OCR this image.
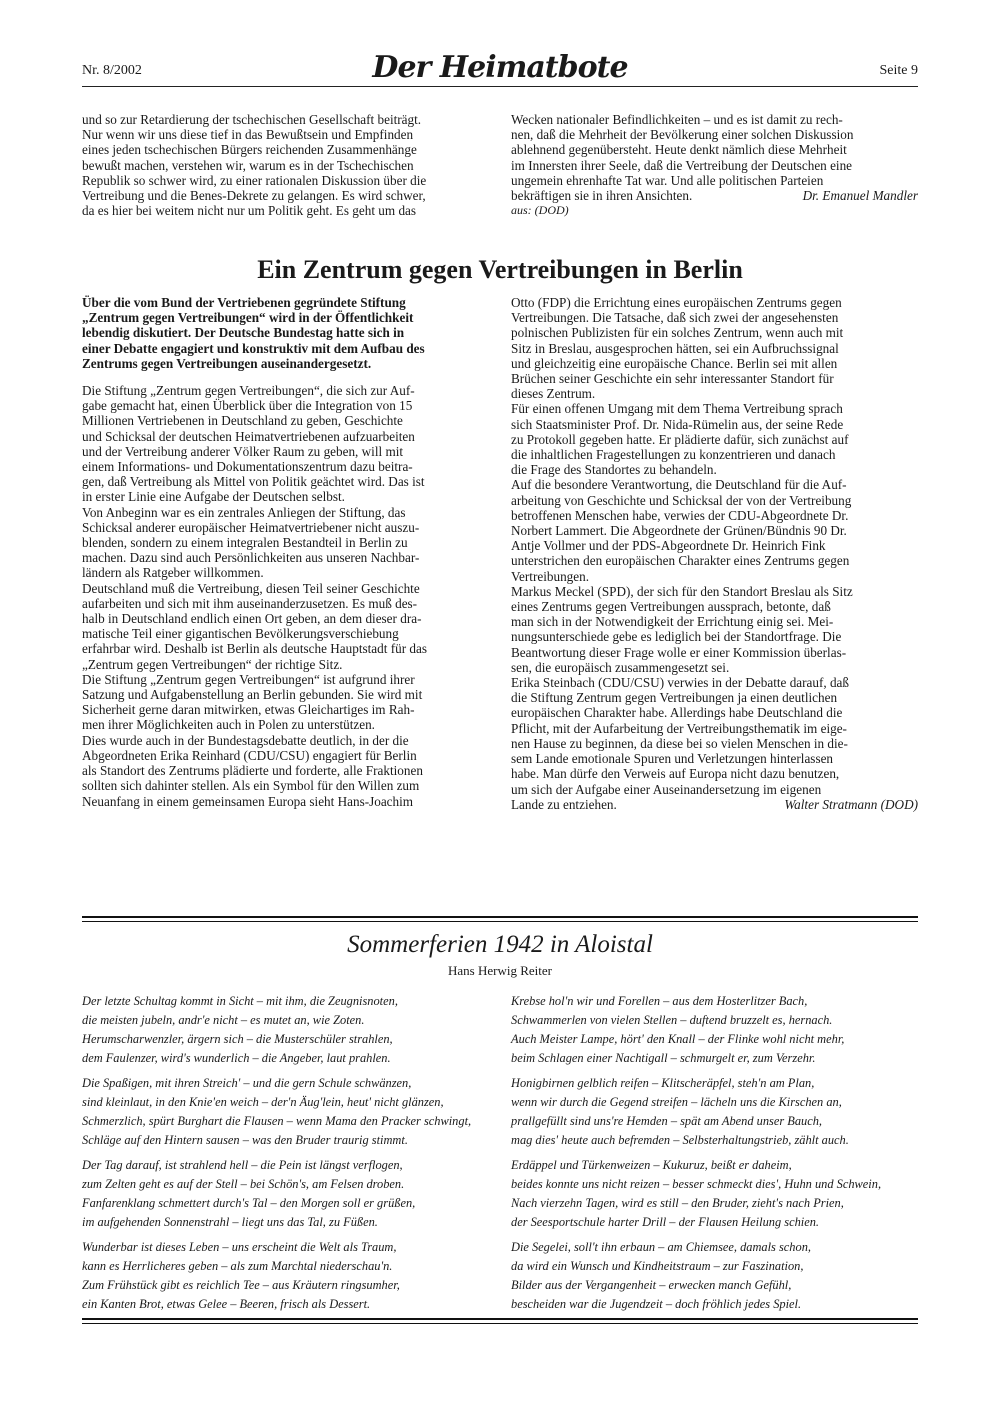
Nr. 8/2002	Der Heimatbote	Seite 9

und so zur Retardierung der tschechischen Gesellschaft beiträgt.

Nur wenn wir uns diese tief in das Bewußtsein und Empfinden

eines jeden tschechischen Bürgers reichenden Zusammenhänge

bewußt machen, verstehen wir, warum es in der Tschechischen

Republik so schwer wird, zu einer rationalen Diskussion über die

Vertreibung und die Benes-Dekrete zu gelangen. Es wird schwer,

da es hier bei weitem nicht nur um Politik geht. Es geht um das

Wecken nationaler Befindlichkeiten – und es ist damit zu rech-

nen, daß die Mehrheit der Bevölkerung einer solchen Diskussion

ablehnend gegenübersteht. Heute denkt nämlich diese Mehrheit

im Innersten ihrer Seele, daß die Vertreibung der Deutschen eine

ungemein ehrenhafte Tat war. Und alle politischen Parteien

bekräftigen sie in ihren Ansichten.	Dr. Emanuel Mandler

aus: (DOD)

Ein Zentrum gegen Vertreibungen in Berlin

Über die vom Bund der Vertriebenen gegründete Stiftung

„Zentrum gegen Vertreibungen“ wird in der Öffentlichkeit

lebendig diskutiert. Der Deutsche Bundestag hatte sich in

einer Debatte engagiert und konstruktiv mit dem Aufbau des

Zentrums gegen Vertreibungen auseinandergesetzt.

Die Stiftung „Zentrum gegen Vertreibungen“, die sich zur Auf-

gabe gemacht hat, einen Überblick über die Integration von 15

Millionen Vertriebenen in Deutschland zu geben, Geschichte

und Schicksal der deutschen Heimatvertriebenen aufzuarbeiten

und der Vertreibung anderer Völker Raum zu geben, will mit

einem Informations- und Dokumentationszentrum dazu beitra-

gen, daß Vertreibung als Mittel von Politik geächtet wird. Das ist

in erster Linie eine Aufgabe der Deutschen selbst.

Von Anbeginn war es ein zentrales Anliegen der Stiftung, das

Schicksal anderer europäischer Heimatvertriebener nicht auszu-

blenden, sondern zu einem integralen Bestandteil in Berlin zu

machen. Dazu sind auch Persönlichkeiten aus unseren Nachbar-

ländern als Ratgeber willkommen.

Deutschland muß die Vertreibung, diesen Teil seiner Geschichte

aufarbeiten und sich mit ihm auseinanderzusetzen. Es muß des-

halb in Deutschland endlich einen Ort geben, an dem dieser dra-

matische Teil einer gigantischen Bevölkerungsverschiebung

erfahrbar wird. Deshalb ist Berlin als deutsche Hauptstadt für das

„Zentrum gegen Vertreibungen“ der richtige Sitz.

Die Stiftung „Zentrum gegen Vertreibungen“ ist aufgrund ihrer

Satzung und Aufgabenstellung an Berlin gebunden. Sie wird mit

Sicherheit gerne daran mitwirken, etwas Gleichartiges im Rah-

men ihrer Möglichkeiten auch in Polen zu unterstützen.

Dies wurde auch in der Bundestagsdebatte deutlich, in der die

Abgeordneten Erika Reinhard (CDU/CSU) engagiert für Berlin

als Standort des Zentrums plädierte und forderte, alle Fraktionen

sollten sich dahinter stellen. Als ein Symbol für den Willen zum

Neuanfang in einem gemeinsamen Europa sieht Hans-Joachim

Otto (FDP) die Errichtung eines europäischen Zentrums gegen

Vertreibungen. Die Tatsache, daß sich zwei der angesehensten

polnischen Publizisten für ein solches Zentrum, wenn auch mit

Sitz in Breslau, ausgesprochen hätten, sei ein Aufbruchssignal

und gleichzeitig eine europäische Chance. Berlin sei mit allen

Brüchen seiner Geschichte ein sehr interessanter Standort für

dieses Zentrum.

Für einen offenen Umgang mit dem Thema Vertreibung sprach

sich Staatsminister Prof. Dr. Nida-Rümelin aus, der seine Rede

zu Protokoll gegeben hatte. Er plädierte dafür, sich zunächst auf

die inhaltlichen Fragestellungen zu konzentrieren und danach

die Frage des Standortes zu behandeln.

Auf die besondere Verantwortung, die Deutschland für die Auf-

arbeitung von Geschichte und Schicksal der von der Vertreibung

betroffenen Menschen habe, verwies der CDU-Abgeordnete Dr.

Norbert Lammert. Die Abgeordnete der Grünen/Bündnis 90 Dr.

Antje Vollmer und der PDS-Abgeordnete Dr. Heinrich Fink

unterstrichen den europäischen Charakter eines Zentrums gegen

Vertreibungen.

Markus Meckel (SPD), der sich für den Standort Breslau als Sitz

eines Zentrums gegen Vertreibungen aussprach, betonte, daß

man sich in der Notwendigkeit der Errichtung einig sei. Mei-

nungsunterschiede gebe es lediglich bei der Standortfrage. Die

Beantwortung dieser Frage wolle er einer Kommission überlas-

sen, die europäisch zusammengesetzt sei.

Erika Steinbach (CDU/CSU) verwies in der Debatte darauf, daß

die Stiftung Zentrum gegen Vertreibungen ja einen deutlichen

europäischen Charakter habe. Allerdings habe Deutschland die

Pflicht, mit der Aufarbeitung der Vertreibungsthematik im eige-

nen Hause zu beginnen, da diese bei so vielen Menschen in die-

sem Lande emotionale Spuren und Verletzungen hinterlassen

habe. Man dürfe den Verweis auf Europa nicht dazu benutzen,

um sich der Aufgabe einer Auseinandersetzung im eigenen

Lande zu entziehen.	Walter Stratmann (DOD)

Sommerferien 1942 in Aloistal
Hans Herwig Reiter
Der letzte Schultag kommt in Sicht – mit ihm, die Zeugnisnoten,
die meisten jubeln, andr'e nicht – es mutet an, wie Zoten.
Herumscharwenzler, ärgern sich – die Musterschüler strahlen,
dem Faulenzer, wird's wunderlich – die Angeber, laut prahlen.
Die Spaßigen, mit ihren Streich' – und die gern Schule schwänzen,
sind kleinlaut, in den Knie'en weich – der'n Äug'lein, heut' nicht glänzen,
Schmerzlich, spürt Burghart die Flausen – wenn Mama den Pracker schwingt,
Schläge auf den Hintern sausen – was den Bruder traurig stimmt.
Der Tag darauf, ist strahlend hell – die Pein ist längst verflogen,
zum Zelten geht es auf der Stell – bei Schön's, am Felsen droben.
Fanfarenklang schmettert durch's Tal – den Morgen soll er grüßen,
im aufgehenden Sonnenstrahl – liegt uns das Tal, zu Füßen.
Wunderbar ist dieses Leben – uns erscheint die Welt als Traum,
kann es Herrlicheres geben – als zum Marchtal niederschau'n.
Zum Frühstück gibt es reichlich Tee – aus Kräutern ringsumher,
ein Kanten Brot, etwas Gelee – Beeren, frisch als Dessert.
Krebse hol'n wir und Forellen – aus dem Hosterlitzer Bach,
Schwammerlen von vielen Stellen – duftend bruzzelt es, hernach.
Auch Meister Lampe, hört' den Knall – der Flinke wohl nicht mehr,
beim Schlagen einer Nachtigall – schmurgelt er, zum Verzehr.
Honigbirnen gelblich reifen – Klitscheräpfel, steh'n am Plan,
wenn wir durch die Gegend streifen – lächeln uns die Kirschen an,
prallgefüllt sind uns're Hemden – spät am Abend unser Bauch,
mag dies' heute auch befremden – Selbsterhaltungstrieb, zählt auch.
Erdäppel und Türkenweizen – Kukuruz, beißt er daheim,
beides konnte uns nicht reizen – besser schmeckt dies', Huhn und Schwein,
Nach vierzehn Tagen, wird es still – den Bruder, zieht's nach Prien,
der Seesportschule harter Drill – der Flausen Heilung schien.
Die Segelei, soll't ihn erbaun – am Chiemsee, damals schon,
da wird ein Wunsch und Kindheitstraum – zur Faszination,
Bilder aus der Vergangenheit – erwecken manch Gefühl,
bescheiden war die Jugendzeit – doch fröhlich jedes Spiel.
